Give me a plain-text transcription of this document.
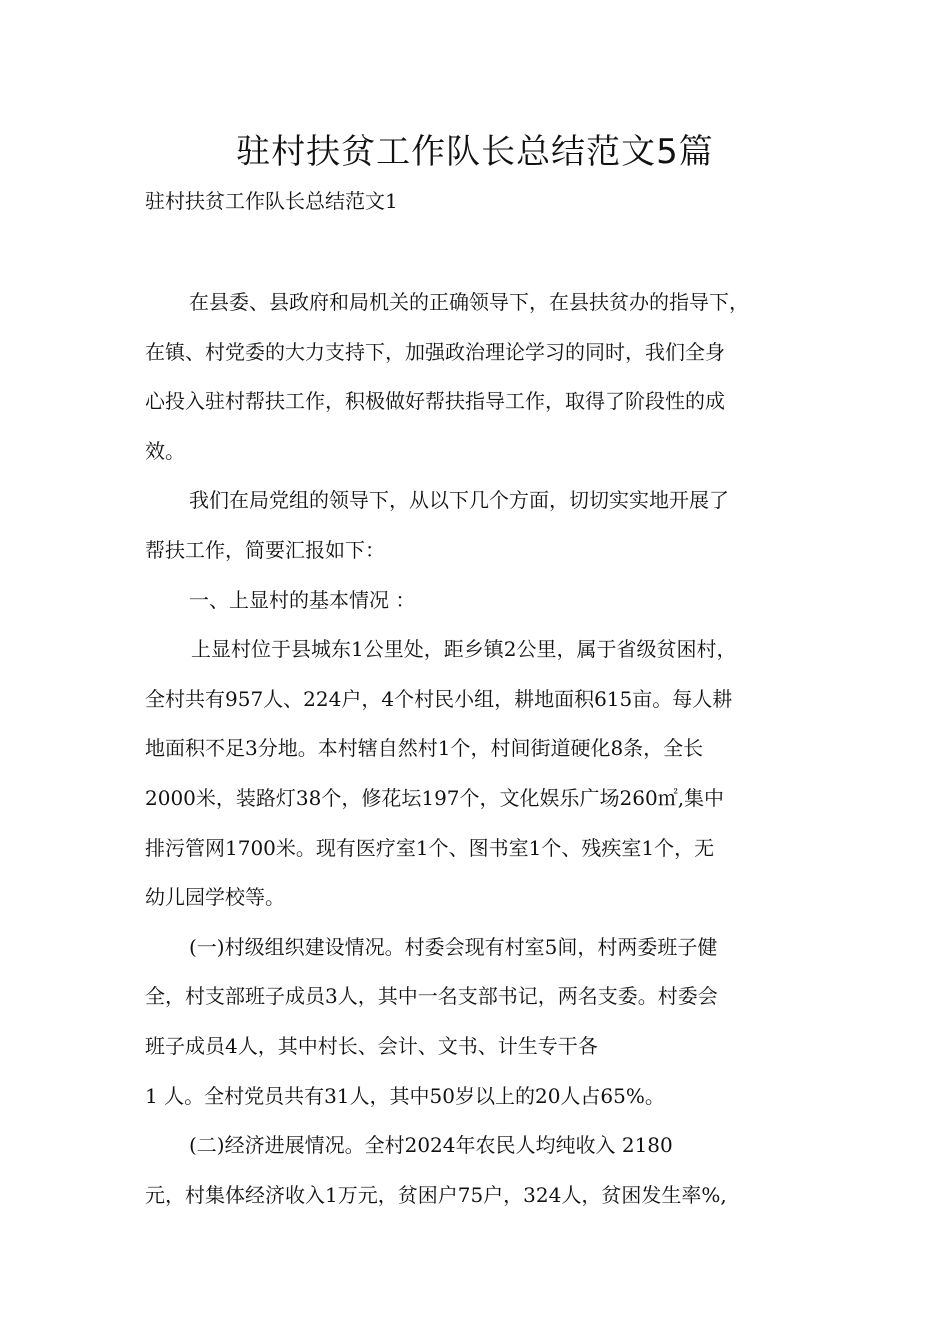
驻村扶贫工作队长总结范文5篇
驻村扶贫工作队长总结范文1
在县委、县政府和局机关的正确领导下，在县扶贫办的指导下，
在镇、村党委的大力支持下，加强政治理论学习的同时，我们全身
心投入驻村帮扶工作，积极做好帮扶指导工作，取得了阶段性的成
效。
我们在局党组的领导下，从以下几个方面，切切实实地开展了
帮扶工作，简要汇报如下：
一、上显村的基本情况 ：
上显村位于县城东1公里处，距乡镇2公里，属于省级贫困村，
全村共有957人、224户，4个村民小组，耕地面积615亩。每人耕
地面积不足3分地。本村辖自然村1个，村间街道硬化8条，全长
2000米，装路灯38个，修花坛197个，文化娱乐广场260㎡,集中
排污管网1700米。现有医疗室1个、图书室1个、残疾室1个，无
幼儿园学校等。
(一)村级组织建设情况。村委会现有村室5间，村两委班子健
全，村支部班子成员3人，其中一名支部书记，两名支委。村委会
班子成员4人，其中村长、会计、文书、计生专干各
1 人。全村党员共有31人，其中50岁以上的20人占65%。
(二)经济进展情况。全村2024年农民人均纯收入 2180
元，村集体经济收入1万元，贫困户75户，324人，贫困发生率%,
